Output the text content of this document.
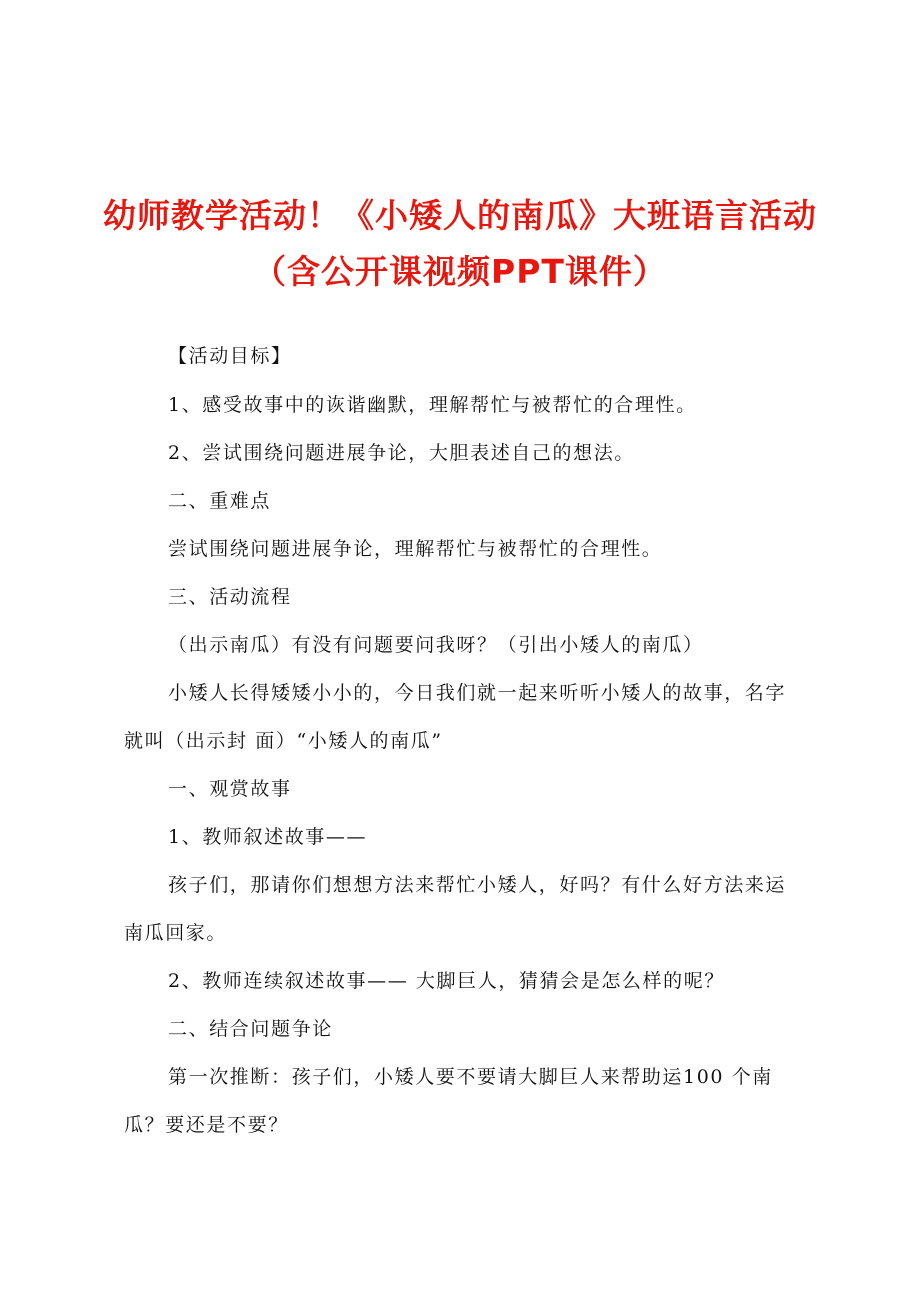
幼师教学活动！《小矮人的南瓜》大班语言活动
（含公开课视频PPT课件）
【活动目标】
1、感受故事中的诙谐幽默，理解帮忙与被帮忙的合理性。
2、尝试围绕问题进展争论，大胆表述自己的想法。
二、重难点
尝试围绕问题进展争论，理解帮忙与被帮忙的合理性。
三、活动流程
（出示南瓜）有没有问题要问我呀？（引出小矮人的南瓜）
小矮人长得矮矮小小的，今日我们就一起来听听小矮人的故事，名字
就叫（出示封 面）“小矮人的南瓜”
一、观赏故事
1、教师叙述故事——
孩子们，那请你们想想方法来帮忙小矮人，好吗？有什么好方法来运
南瓜回家。
2、教师连续叙述故事—— 大脚巨人，猜猜会是怎么样的呢？
二、结合问题争论
第一次推断：孩子们，小矮人要不要请大脚巨人来帮助运100 个南
瓜？要还是不要？
